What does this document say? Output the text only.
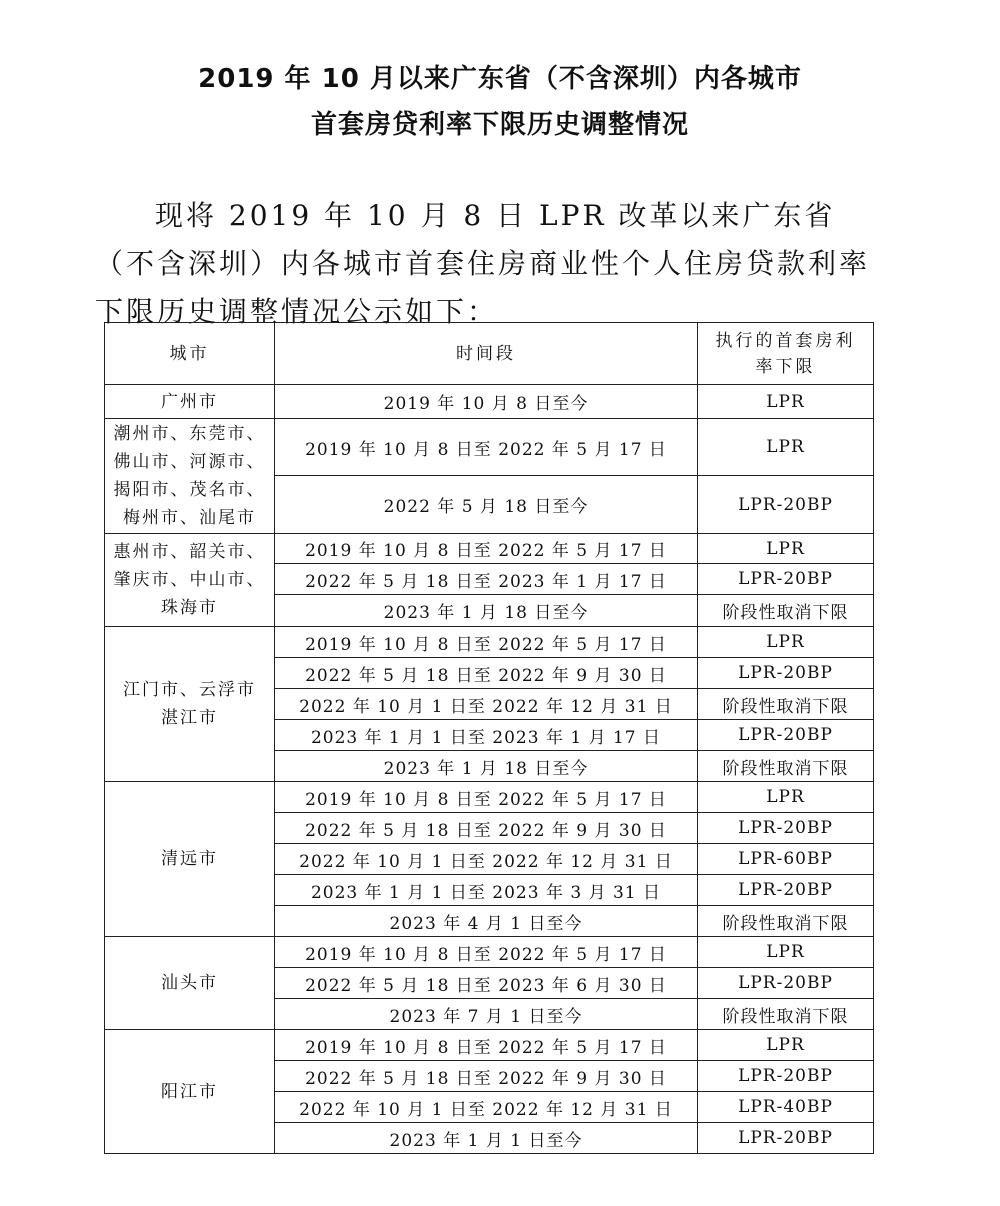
2019 年 10 月以来广东省（不含深圳）内各城市
首套房贷利率下限历史调整情况

现将 2019 年 10 月 8 日 LPR 改革以来广东省（不含深圳）内各城市首套住房商业性个人住房贷款利率下限历史调整情况公示如下：

城市	时间段	执行的首套房利
率下限

广州市	2019 年 10 月 8 日至今	LPR

潮州市、东莞市、
佛山市、河源市、
揭阳市、茂名市、
梅州市、汕尾市	2019 年 10 月 8 日至 2022 年 5 月 17 日	LPR
	2022 年 5 月 18 日至今	LPR-20BP

惠州市、韶关市、
肇庆市、中山市、
珠海市	2019 年 10 月 8 日至 2022 年 5 月 17 日	LPR
	2022 年 5 月 18 日至 2023 年 1 月 17 日	LPR-20BP
	2023 年 1 月 18 日至今	阶段性取消下限

江门市、云浮市
湛江市	2019 年 10 月 8 日至 2022 年 5 月 17 日	LPR
	2022 年 5 月 18 日至 2022 年 9 月 30 日	LPR-20BP
	2022 年 10 月 1 日至 2022 年 12 月 31 日	阶段性取消下限
	2023 年 1 月 1 日至 2023 年 1 月 17 日	LPR-20BP
	2023 年 1 月 18 日至今	阶段性取消下限

清远市	2019 年 10 月 8 日至 2022 年 5 月 17 日	LPR
	2022 年 5 月 18 日至 2022 年 9 月 30 日	LPR-20BP
	2022 年 10 月 1 日至 2022 年 12 月 31 日	LPR-60BP
	2023 年 1 月 1 日至 2023 年 3 月 31 日	LPR-20BP
	2023 年 4 月 1 日至今	阶段性取消下限

汕头市	2019 年 10 月 8 日至 2022 年 5 月 17 日	LPR
	2022 年 5 月 18 日至 2023 年 6 月 30 日	LPR-20BP
	2023 年 7 月 1 日至今	阶段性取消下限

阳江市	2019 年 10 月 8 日至 2022 年 5 月 17 日	LPR
	2022 年 5 月 18 日至 2022 年 9 月 30 日	LPR-20BP
	2022 年 10 月 1 日至 2022 年 12 月 31 日	LPR-40BP
	2023 年 1 月 1 日至今	LPR-20BP
